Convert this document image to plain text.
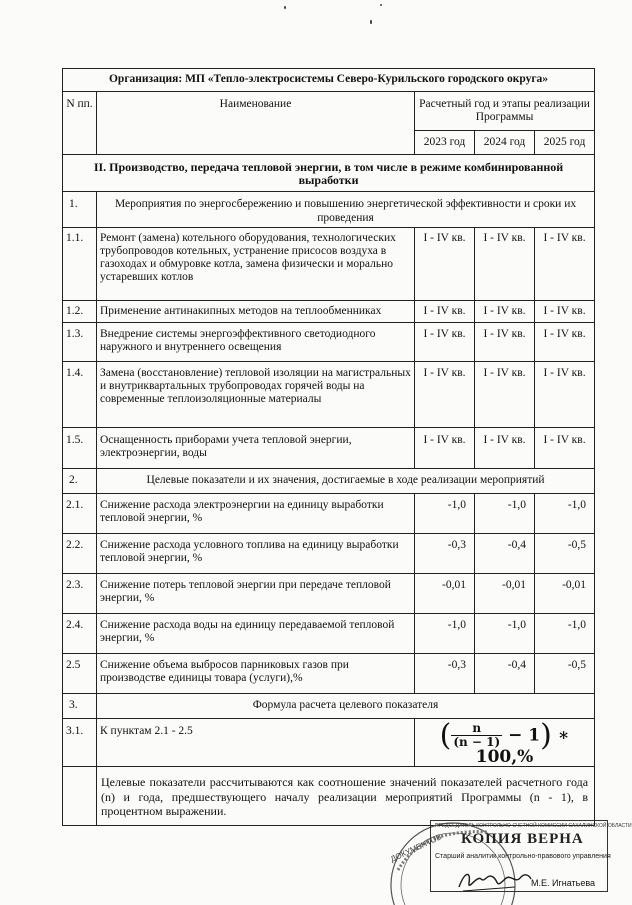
Организация: МП «Тепло-электросистемы Северо-Курильского городского округа»				
N пп.	Наименование	Расчетный год и этапы реализации Программы		
		2023 год	2024 год	2025 год
II. Производство, передача тепловой энергии, в том числе в режиме комбинированной выработки				
1.	Мероприятия по энергосбережению и повышению энергетической эффективности и сроки их проведения			
1.1.	Ремонт (замена) котельного оборудования, технологических трубопроводов котельных, устранение присосов воздуха в газоходах и обмуровке котла, замена физически и морально устаревших котлов	I - IV кв.	I - IV кв.	I - IV кв.
1.2.	Применение антинакипных методов на теплообменниках	I - IV кв.	I - IV кв.	I - IV кв.
1.3.	Внедрение системы энергоэффективного светодиодного наружного и внутреннего освещения	I - IV кв.	I - IV кв.	I - IV кв.
1.4.	Замена (восстановление) тепловой изоляции на магистральных и внутриквартальных трубопроводах горячей воды на современные теплоизоляционные материалы	I - IV кв.	I - IV кв.	I - IV кв.
1.5.	Оснащенность приборами учета тепловой энергии, электроэнергии, воды	I - IV кв.	I - IV кв.	I - IV кв.
2.	Целевые показатели и их значения, достигаемые в ходе реализации мероприятий			
2.1.	Снижение расхода электроэнергии на единицу выработки тепловой энергии, %	-1,0	-1,0	-1,0
2.2.	Снижение расхода условного топлива на единицу выработки тепловой энергии, %	-0,3	-0,4	-0,5
2.3.	Снижение потерь тепловой энергии при передаче тепловой энергии, %	-0,01	-0,01	-0,01
2.4.	Снижение расхода воды на единицу передаваемой тепловой энергии, %	-1,0	-1,0	-1,0
2.5	Снижение объема выбросов парниковых газов при производстве единицы товара (услуги),%	-0,3	-0,4	-0,5
3.	Формула расчета целевого показателя			
3.1.	К пунктам 2.1 - 2.5	( $\frac{n}{(n - 1)} - 1$) ∗ 100,%		
	Целевые показатели рассчитываются как соотношение значений показателей расчетного года (n) и года, предшествующего началу реализации мероприятий Программы (n - 1), в процентном выражении.			
ДОКУМЕНТОВ
ПРЕДСЕДАТЕЛЬ КОНТРОЛЬНО-СЧЕТНОЙ КОМИССИИ САХАЛИНСКОЙ ОБЛАСТИ
КОПИЯ ВЕРНА
Старший аналитик контрольно-правового управления
М.Е. Игнатьева
